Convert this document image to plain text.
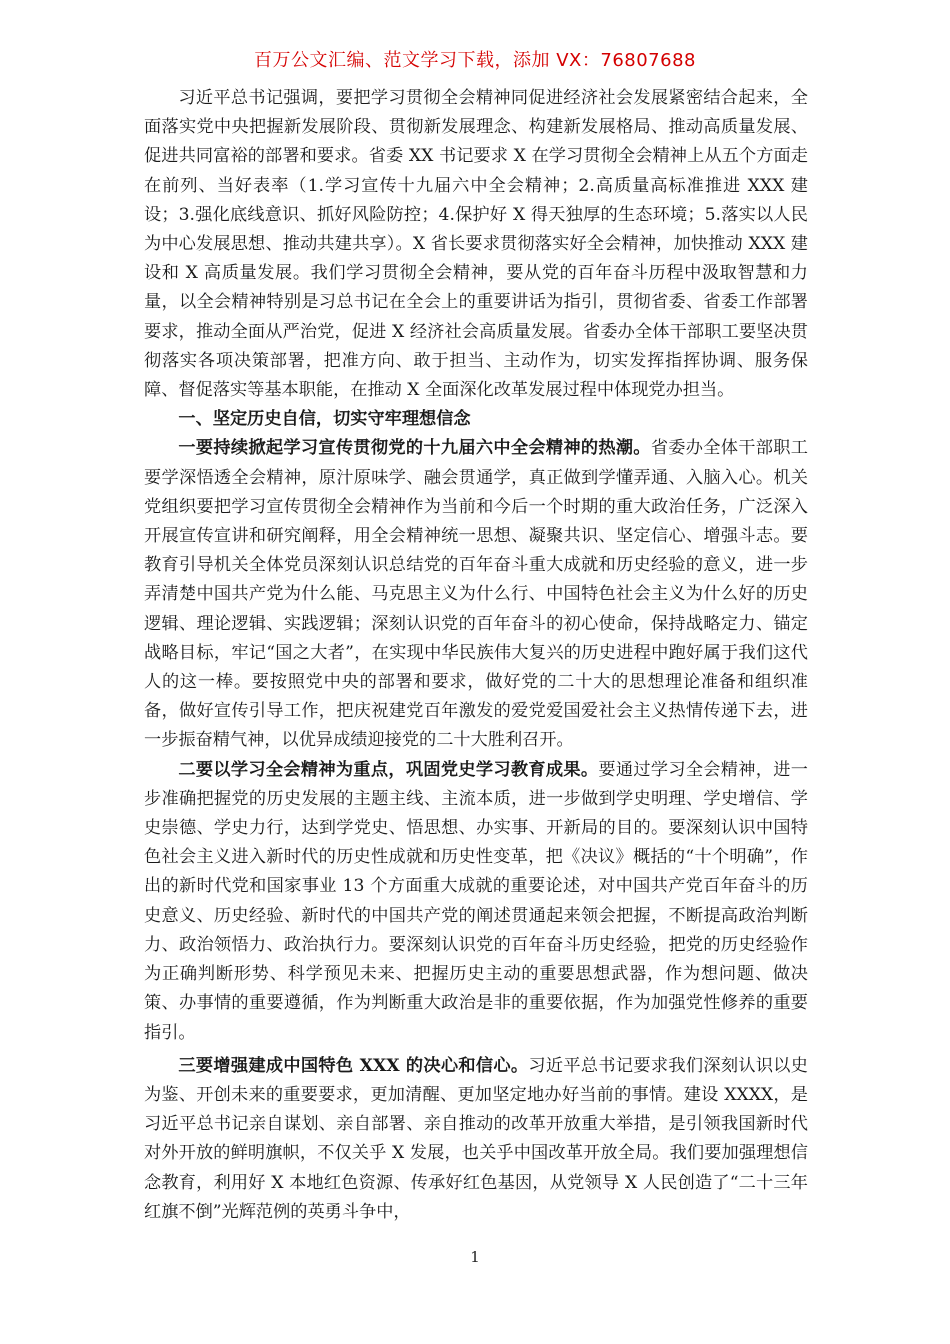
百万公文汇编、范文学习下载，添加 VX：76807688

习近平总书记强调，要把学习贯彻全会精神同促进经济社会发展紧密结合起来，全面落实党中央把握新发展阶段、贯彻新发展理念、构建新发展格局、推动高质量发展、促进共同富裕的部署和要求。省委 XX 书记要求 X 在学习贯彻全会精神上从五个方面走在前列、当好表率（1.学习宣传十九届六中全会精神；2.高质量高标准推进 XXX 建设；3.强化底线意识、抓好风险防控；4.保护好 X 得天独厚的生态环境；5.落实以人民为中心发展思想、推动共建共享）。X 省长要求贯彻落实好全会精神，加快推动 XXX 建设和 X 高质量发展。我们学习贯彻全会精神，要从党的百年奋斗历程中汲取智慧和力量，以全会精神特别是习总书记在全会上的重要讲话为指引，贯彻省委、省委工作部署要求，推动全面从严治党，促进 X 经济社会高质量发展。省委办全体干部职工要坚决贯彻落实各项决策部署，把准方向、敢于担当、主动作为，切实发挥指挥协调、服务保障、督促落实等基本职能，在推动 X 全面深化改革发展过程中体现党办担当。

一、坚定历史自信，切实守牢理想信念

一要持续掀起学习宣传贯彻党的十九届六中全会精神的热潮。省委办全体干部职工要学深悟透全会精神，原汁原味学、融会贯通学，真正做到学懂弄通、入脑入心。机关党组织要把学习宣传贯彻全会精神作为当前和今后一个时期的重大政治任务，广泛深入开展宣传宣讲和研究阐释，用全会精神统一思想、凝聚共识、坚定信心、增强斗志。要教育引导机关全体党员深刻认识总结党的百年奋斗重大成就和历史经验的意义，进一步弄清楚中国共产党为什么能、马克思主义为什么行、中国特色社会主义为什么好的历史逻辑、理论逻辑、实践逻辑；深刻认识党的百年奋斗的初心使命，保持战略定力、锚定战略目标，牢记“国之大者”，在实现中华民族伟大复兴的历史进程中跑好属于我们这代人的这一棒。要按照党中央的部署和要求，做好党的二十大的思想理论准备和组织准备，做好宣传引导工作，把庆祝建党百年激发的爱党爱国爱社会主义热情传递下去，进一步振奋精气神，以优异成绩迎接党的二十大胜利召开。

二要以学习全会精神为重点，巩固党史学习教育成果。要通过学习全会精神，进一步准确把握党的历史发展的主题主线、主流本质，进一步做到学史明理、学史增信、学史崇德、学史力行，达到学党史、悟思想、办实事、开新局的目的。要深刻认识中国特色社会主义进入新时代的历史性成就和历史性变革，把《决议》概括的“十个明确”，作出的新时代党和国家事业 13 个方面重大成就的重要论述，对中国共产党百年奋斗的历史意义、历史经验、新时代的中国共产党的阐述贯通起来领会把握，不断提高政治判断力、政治领悟力、政治执行力。要深刻认识党的百年奋斗历史经验，把党的历史经验作为正确判断形势、科学预见未来、把握历史主动的重要思想武器，作为想问题、做决策、办事情的重要遵循，作为判断重大政治是非的重要依据，作为加强党性修养的重要指引。

三要增强建成中国特色 XXX 的决心和信心。习近平总书记要求我们深刻认识以史为鉴、开创未来的重要要求，更加清醒、更加坚定地办好当前的事情。建设 XXXX，是习近平总书记亲自谋划、亲自部署、亲自推动的改革开放重大举措，是引领我国新时代对外开放的鲜明旗帜，不仅关乎 X 发展，也关乎中国改革开放全局。我们要加强理想信念教育，利用好 X 本地红色资源、传承好红色基因，从党领导 X 人民创造了“二十三年红旗不倒”光辉范例的英勇斗争中，

1
